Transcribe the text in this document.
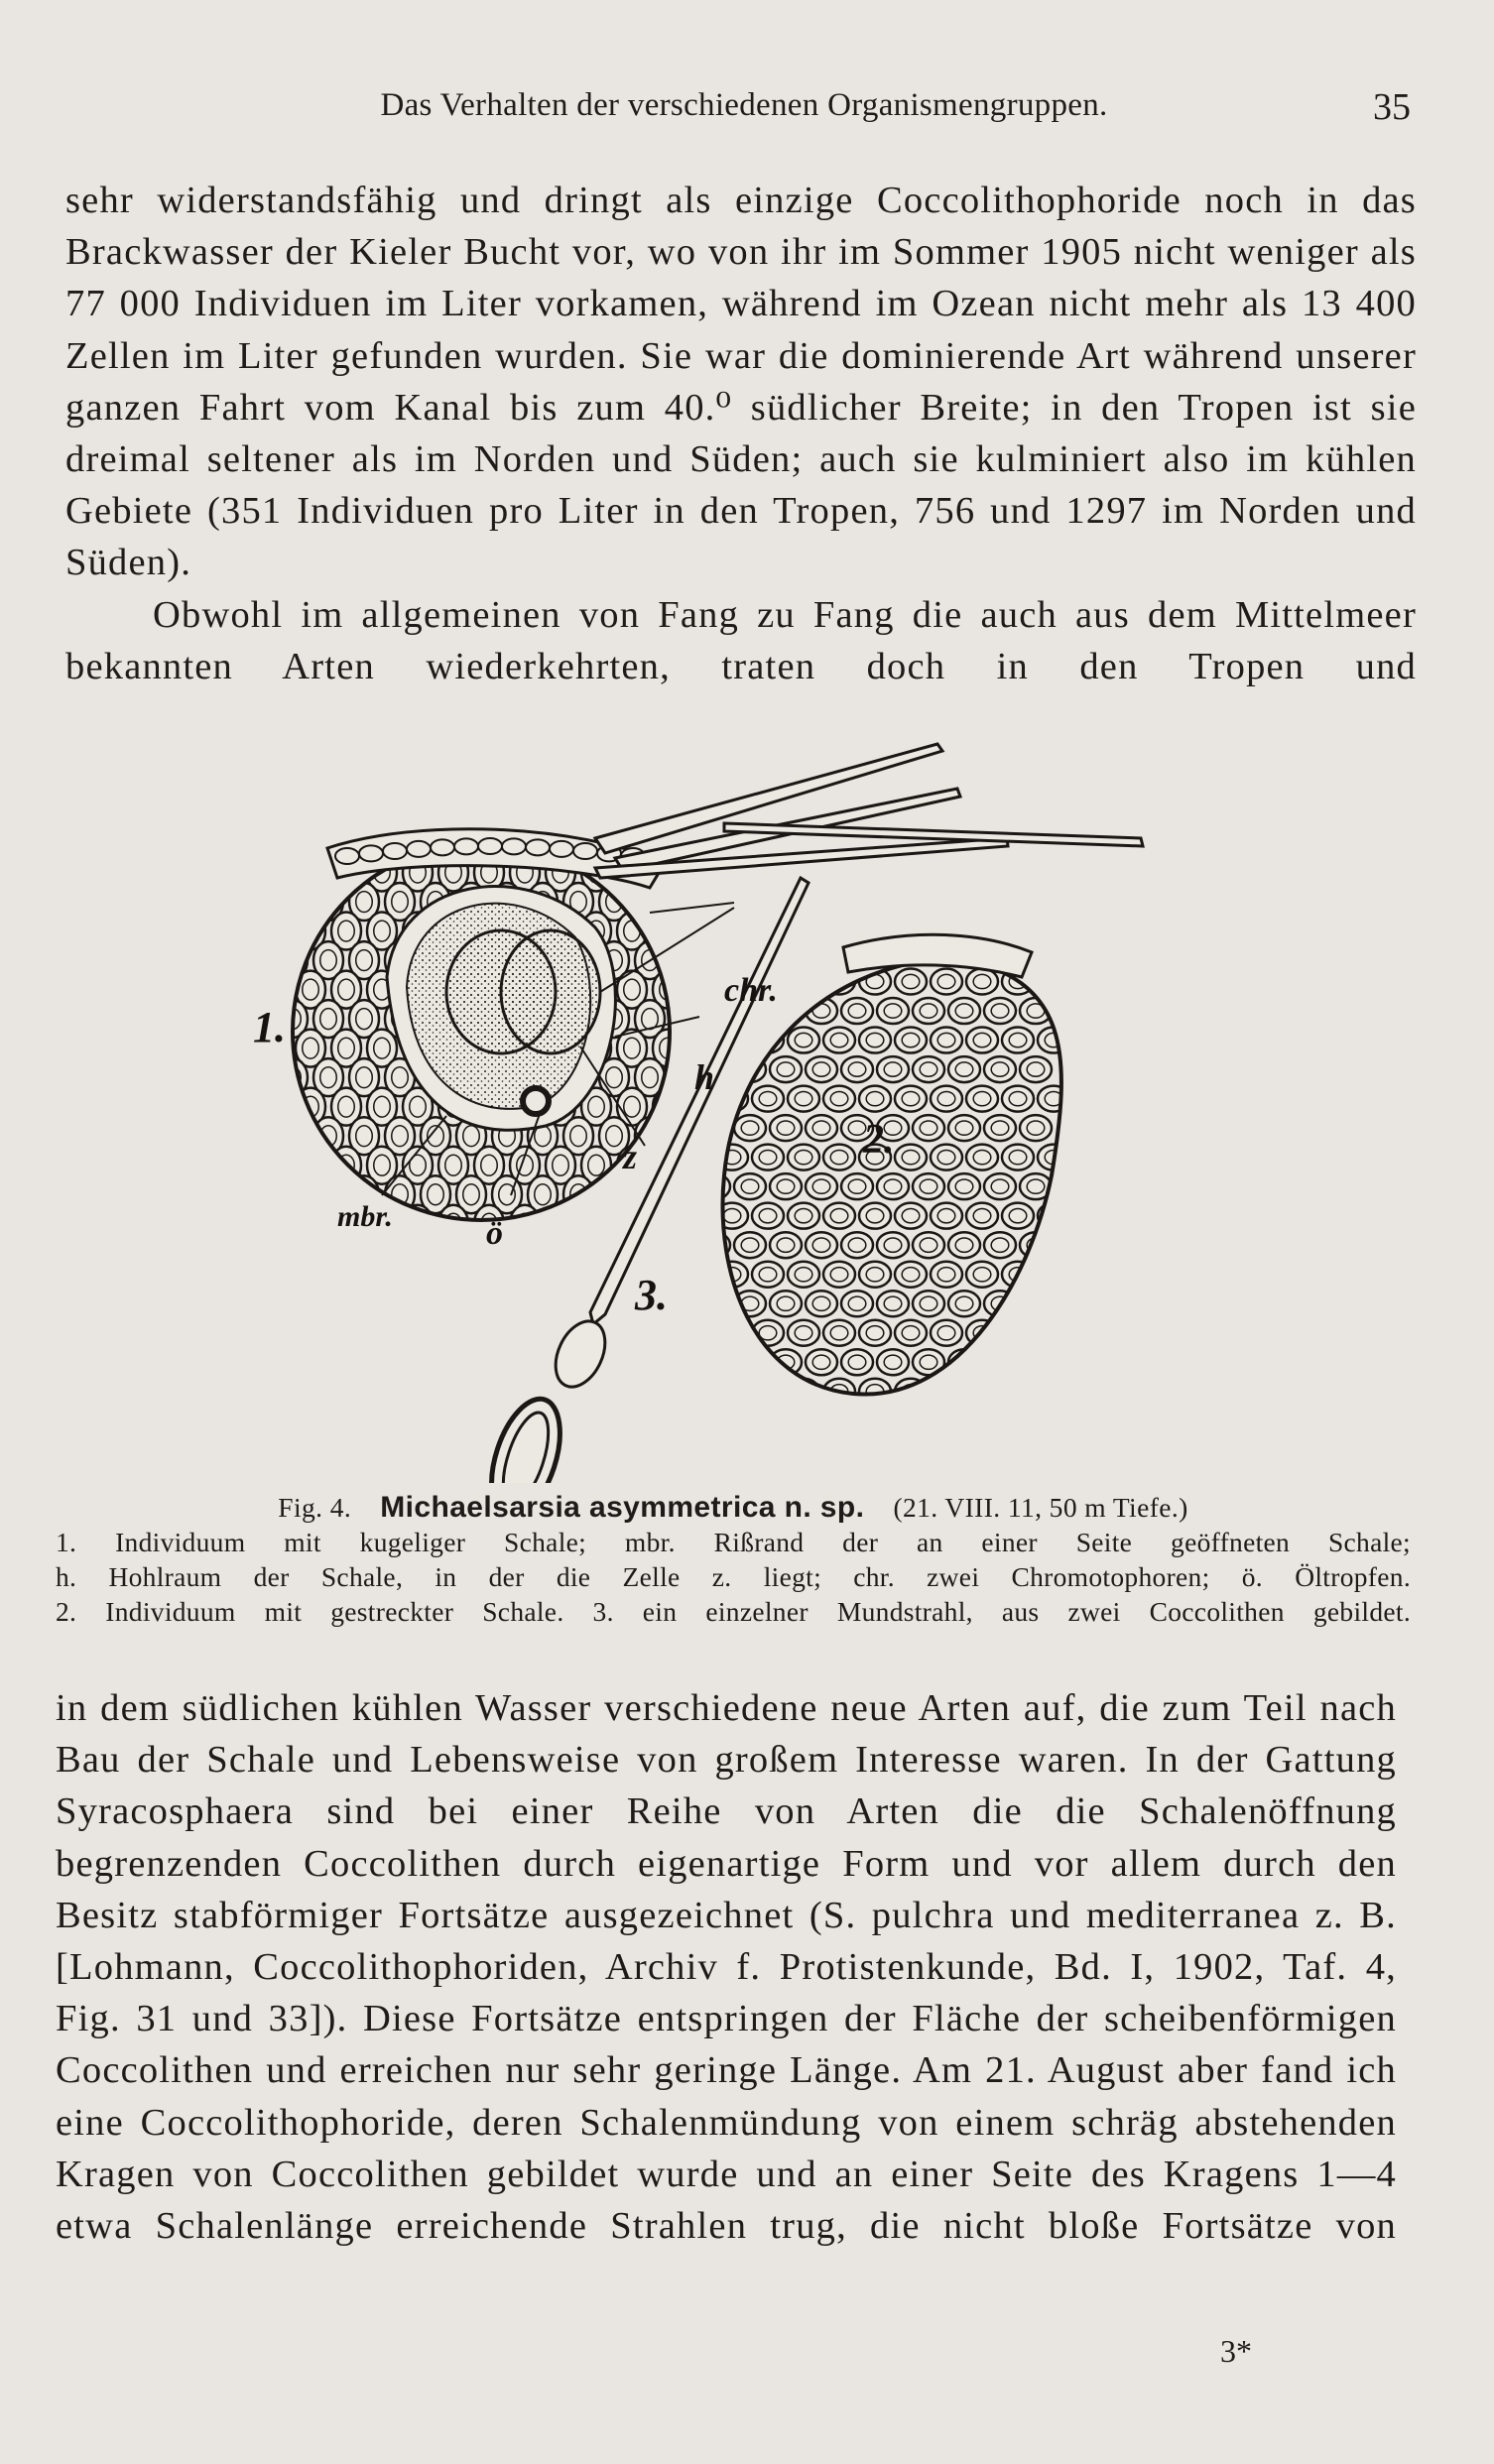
Das Verhalten der verschiedenen Organismengruppen.	35

sehr widerstandsfähig und dringt als einzige Coccolithophoride noch in das Brackwasser der Kieler Bucht vor, wo von ihr im Sommer 1905 nicht weniger als 77 000 Individuen im Liter vorkamen, während im Ozean nicht mehr als 13 400 Zellen im Liter gefunden wurden. Sie war die dominierende Art während unserer ganzen Fahrt vom Kanal bis zum 40.⁰ südlicher Breite; in den Tropen ist sie dreimal seltener als im Norden und Süden; auch sie kulminiert also im kühlen Gebiete (351 Individuen pro Liter in den Tropen, 756 und 1297 im Norden und Süden).

Obwohl im allgemeinen von Fang zu Fang die auch aus dem Mittelmeer bekannten Arten wiederkehrten, traten doch in den Tropen und

1.
2.
3.
chr.
h
z
mbr.	ö
Fig. 4. Michaelsarsia asymmetrica n. sp. (21. VIII. 11, 50 m Tiefe.)
1. Individuum mit kugeliger Schale; mbr. Rißrand der an einer Seite geöffneten Schale;
h. Hohlraum der Schale, in der die Zelle z. liegt; chr. zwei Chromotophoren; ö. Öltropfen.
2. Individuum mit gestreckter Schale. 3. ein einzelner Mundstrahl, aus zwei Coccolithen gebildet.

in dem südlichen kühlen Wasser verschiedene neue Arten auf, die zum Teil nach Bau der Schale und Lebensweise von großem Interesse waren. In der Gattung Syracosphaera sind bei einer Reihe von Arten die die Schalenöffnung begrenzenden Coccolithen durch eigenartige Form und vor allem durch den Besitz stabförmiger Fortsätze ausgezeichnet (S. pulchra und mediterranea z. B. [Lohmann, Coccolithophoriden, Archiv f. Protistenkunde, Bd. I, 1902, Taf. 4, Fig. 31 und 33]). Diese Fortsätze entspringen der Fläche der scheibenförmigen Coccolithen und erreichen nur sehr geringe Länge. Am 21. August aber fand ich eine Coccolithophoride, deren Schalenmündung von einem schräg abstehenden Kragen von Coccolithen gebildet wurde und an einer Seite des Kragens 1—4 etwa Schalenlänge erreichende Strahlen trug, die nicht bloße Fortsätze von

3*
